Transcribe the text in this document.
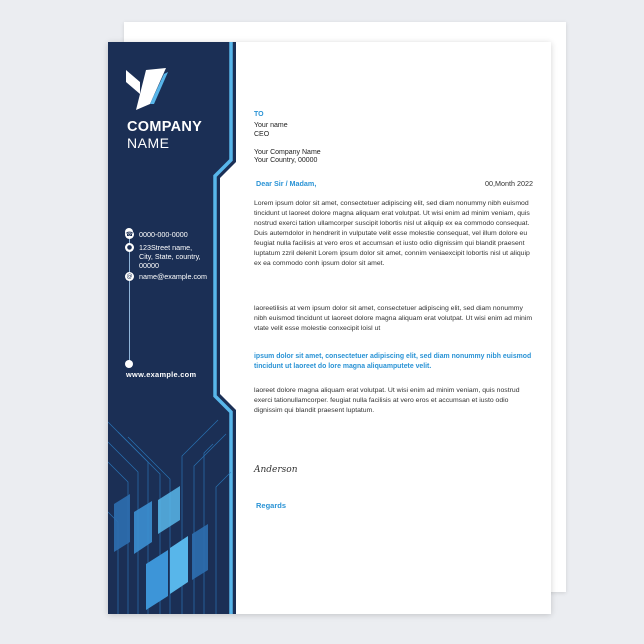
COMPANY
NAME
☎ 0000-000-0000
● 123Street name,
City, State, country,
00000
@ name@example.com
www.example.com
TO
Your name
CEO
Your Company Name
Your Country, 00000
Dear Sir / Madam,	00,Month 2022

Lorem ipsum dolor sit amet, consectetuer adipiscing elit, sed diam nonummy nibh euismod tincidunt ut laoreet dolore magna aliquam erat volutpat. Ut wisi enim ad minim veniam, quis nostrud exerci tation ullamcorper suscipit lobortis nisl ut aliquip ex ea commodo consequat. Duis autemdolor in hendrerit in vulputate velit esse molestie consequat, vel illum dolore eu feugiat nulla facilisis at vero eros et accumsan et iusto odio dignissim qui blandit praesent luptatum zzril delenit Lorem ipsum dolor sit amet, connim veniaexcipit lobortis nisl ut aliquip ex ea commodo conh ipsum dolor sit amet.

laoreetilisis at vem ipsum dolor sit amet, consectetuer adipiscing elit, sed diam nonummy nibh euismod tincidunt ut laoreet dolore magna aliquam erat volutpat. Ut wisi enim ad minim vtate velit esse molestie conxecipit loisl ut

ipsum dolor sit amet, consectetuer adipiscing elit, sed diam nonummy nibh euismod tincidunt ut laoreet do lore magna aliquamputete velit.

laoreet dolore magna aliquam erat volutpat. Ut wisi enim ad minim veniam, quis nostrud exerci tationullamcorper. feugiat nulla facilisis at vero eros et accumsan et iusto odio dignissim qui blandit praesent luptatum.

Anderson
Regards
